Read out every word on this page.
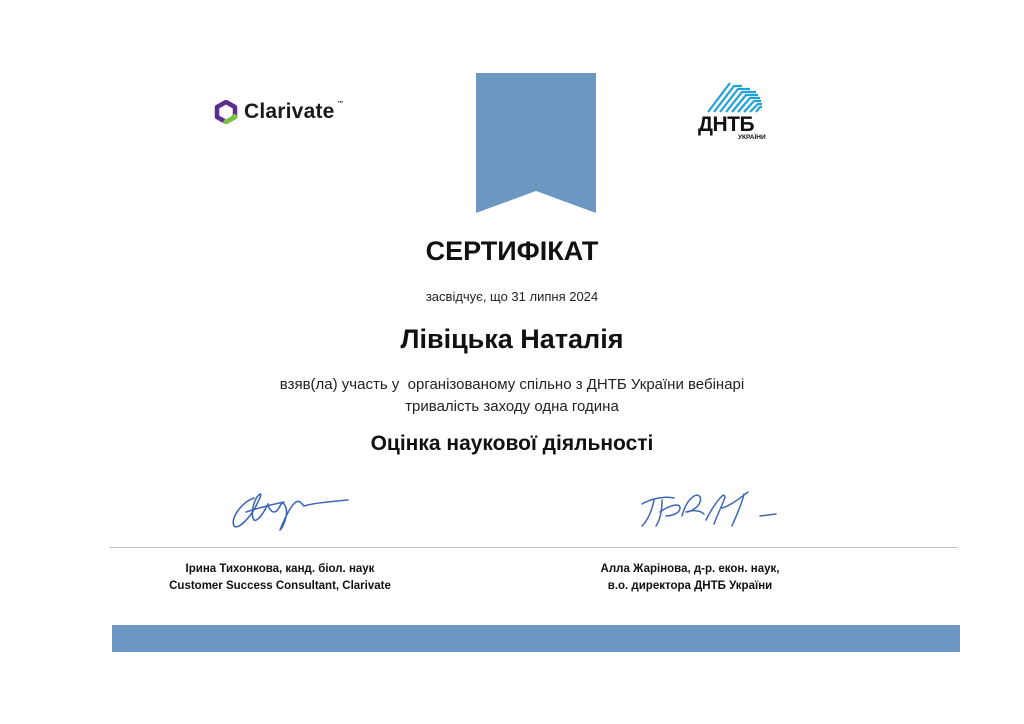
Clarivate ™
ДНТБ
УКРАЇНИ
СЕРТИФІКАТ
засвідчує, що 31 липня 2024
Лівіцька Наталія
взяв(ла) участь у  організованому спільно з ДНТБ України вебінарі
тривалість заходу одна година
Оцінка наукової діяльності
Ірина Тихонкова, канд. біол. наук
Customer Success Consultant, Clarivate
Алла Жарінова, д-р. екон. наук,
в.о. директора ДНТБ України
